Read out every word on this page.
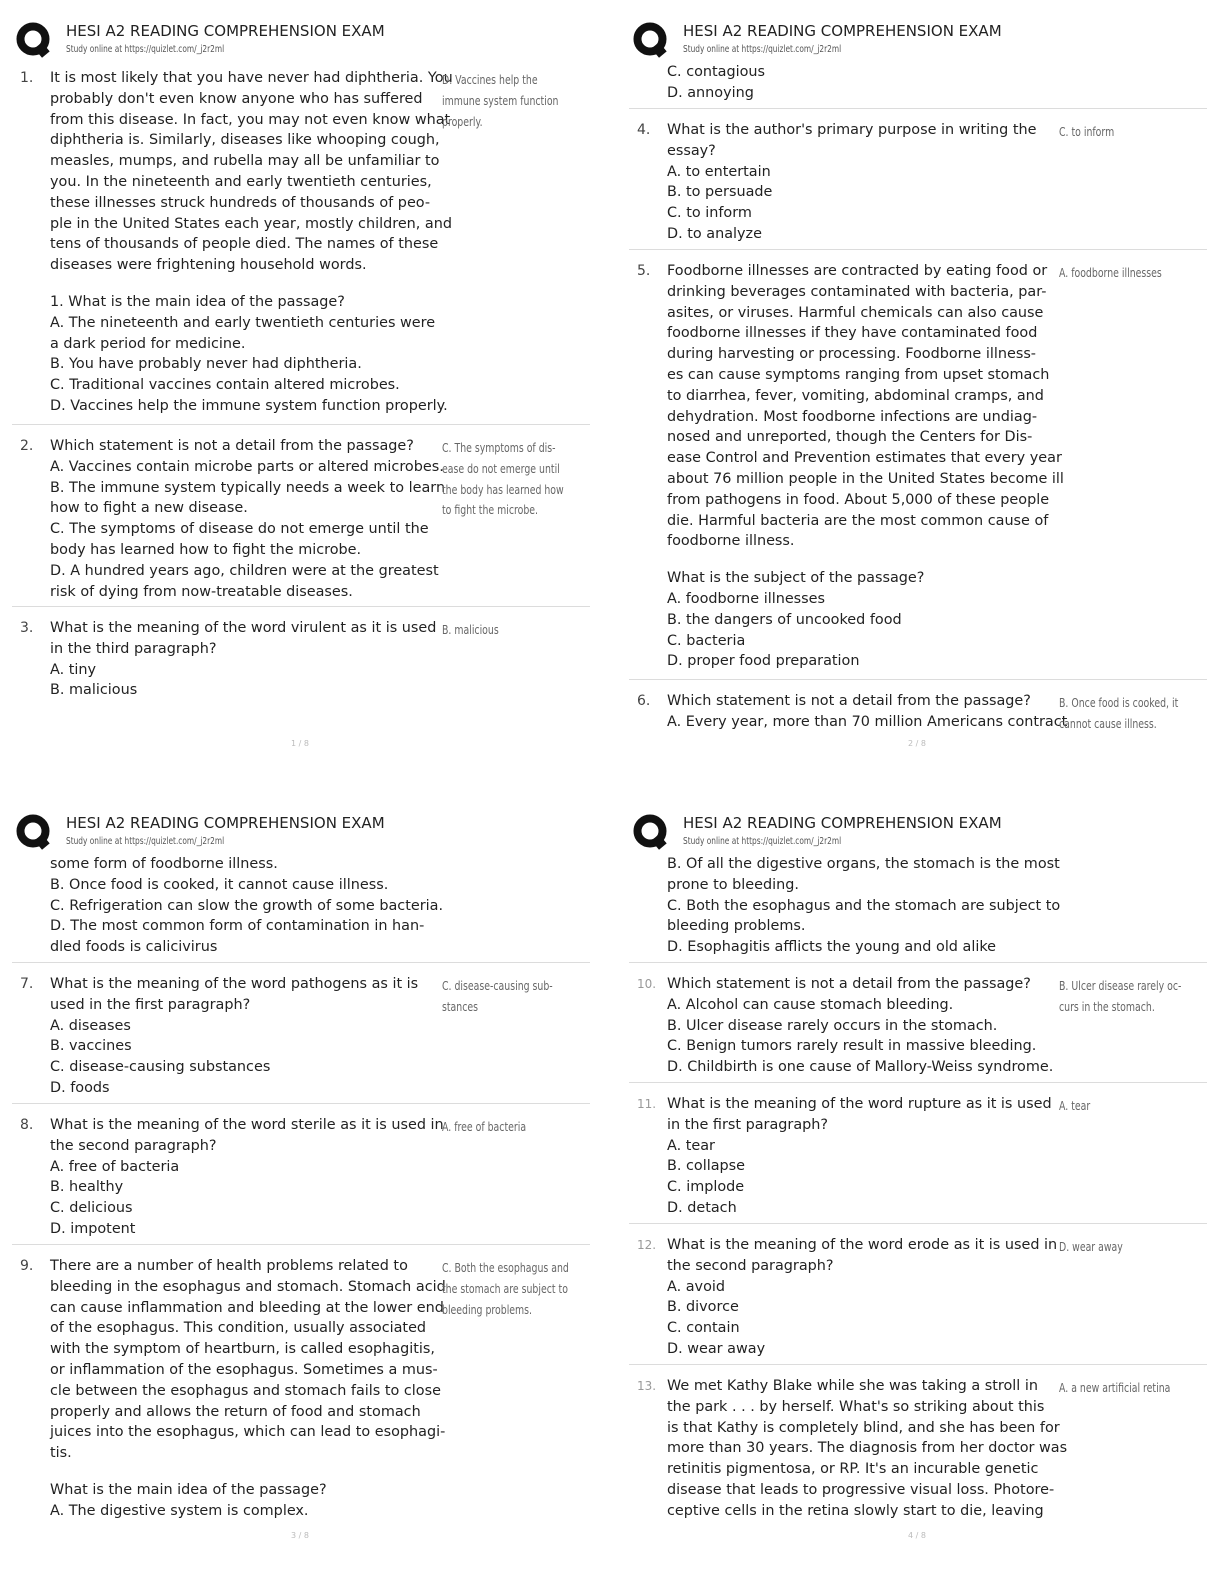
HESI A2 READING COMPREHENSION EXAM
Study online at https://quizlet.com/_j2r2ml
1.	It is most likely that you have never had diphtheria. You
probably don't even know anyone who has suffered
from this disease. In fact, you may not even know what
diphtheria is. Similarly, diseases like whooping cough,
measles, mumps, and rubella may all be unfamiliar to
you. In the nineteenth and early twentieth centuries,
these illnesses struck hundreds of thousands of peo-
ple in the United States each year, mostly children, and
tens of thousands of people died. The names of these
diseases were frightening household words.
1. What is the main idea of the passage?
A. The nineteenth and early twentieth centuries were
a dark period for medicine.
B. You have probably never had diphtheria.
C. Traditional vaccines contain altered microbes.
D. Vaccines help the immune system function properly.
D. Vaccines help the
immune system function
properly.
2.	Which statement is not a detail from the passage?
A. Vaccines contain microbe parts or altered microbes.
B. The immune system typically needs a week to learn
how to fight a new disease.
C. The symptoms of disease do not emerge until the
body has learned how to fight the microbe.
D. A hundred years ago, children were at the greatest
risk of dying from now-treatable diseases.
C. The symptoms of dis-
ease do not emerge until
the body has learned how
to fight the microbe.
3.	What is the meaning of the word virulent as it is used
in the third paragraph?
A. tiny
B. malicious
B. malicious
1 / 8
HESI A2 READING COMPREHENSION EXAM
Study online at https://quizlet.com/_j2r2ml
C. contagious
D. annoying
4.	What is the author's primary purpose in writing the
essay?
A. to entertain
B. to persuade
C. to inform
D. to analyze
C. to inform
5.	Foodborne illnesses are contracted by eating food or
drinking beverages contaminated with bacteria, par-
asites, or viruses. Harmful chemicals can also cause
foodborne illnesses if they have contaminated food
during harvesting or processing. Foodborne illness-
es can cause symptoms ranging from upset stomach
to diarrhea, fever, vomiting, abdominal cramps, and
dehydration. Most foodborne infections are undiag-
nosed and unreported, though the Centers for Dis-
ease Control and Prevention estimates that every year
about 76 million people in the United States become ill
from pathogens in food. About 5,000 of these people
die. Harmful bacteria are the most common cause of
foodborne illness.
What is the subject of the passage?
A. foodborne illnesses
B. the dangers of uncooked food
C. bacteria
D. proper food preparation
A. foodborne illnesses
6.	Which statement is not a detail from the passage?
A. Every year, more than 70 million Americans contract
B. Once food is cooked, it
cannot cause illness.
2 / 8
HESI A2 READING COMPREHENSION EXAM
Study online at https://quizlet.com/_j2r2ml
some form of foodborne illness.
B. Once food is cooked, it cannot cause illness.
C. Refrigeration can slow the growth of some bacteria.
D. The most common form of contamination in han-
dled foods is calicivirus
7.	What is the meaning of the word pathogens as it is
used in the first paragraph?
A. diseases
B. vaccines
C. disease-causing substances
D. foods
C. disease-causing sub-
stances
8.	What is the meaning of the word sterile as it is used in
the second paragraph?
A. free of bacteria
B. healthy
C. delicious
D. impotent
A. free of bacteria
9.	There are a number of health problems related to
bleeding in the esophagus and stomach. Stomach acid
can cause inflammation and bleeding at the lower end
of the esophagus. This condition, usually associated
with the symptom of heartburn, is called esophagitis,
or inflammation of the esophagus. Sometimes a mus-
cle between the esophagus and stomach fails to close
properly and allows the return of food and stomach
juices into the esophagus, which can lead to esophagi-
tis.
What is the main idea of the passage?
A. The digestive system is complex.
C. Both the esophagus and
the stomach are subject to
bleeding problems.
3 / 8
HESI A2 READING COMPREHENSION EXAM
Study online at https://quizlet.com/_j2r2ml
B. Of all the digestive organs, the stomach is the most
prone to bleeding.
C. Both the esophagus and the stomach are subject to
bleeding problems.
D. Esophagitis afflicts the young and old alike
10. Which statement is not a detail from the passage?
A. Alcohol can cause stomach bleeding.
B. Ulcer disease rarely occurs in the stomach.
C. Benign tumors rarely result in massive bleeding.
D. Childbirth is one cause of Mallory-Weiss syndrome.
B. Ulcer disease rarely oc-
curs in the stomach.
11. What is the meaning of the word rupture as it is used
in the first paragraph?
A. tear
B. collapse
C. implode
D. detach
A. tear
12. What is the meaning of the word erode as it is used in
the second paragraph?
A. avoid
B. divorce
C. contain
D. wear away
D. wear away
13. We met Kathy Blake while she was taking a stroll in
the park . . . by herself. What's so striking about this
is that Kathy is completely blind, and she has been for
more than 30 years. The diagnosis from her doctor was
retinitis pigmentosa, or RP. It's an incurable genetic
disease that leads to progressive visual loss. Photore-
ceptive cells in the retina slowly start to die, leaving
A. a new artificial retina
4 / 8
